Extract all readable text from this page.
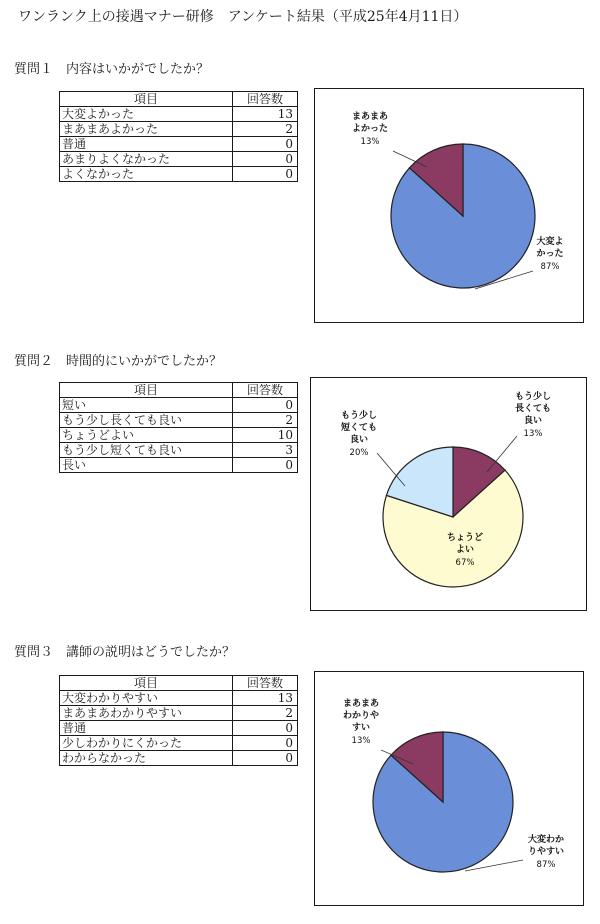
ワンランク上の接遇マナー研修　アンケート結果（平成25年4月11日）
質問１　内容はいかがでしたか？
項目	回答数
大変よかった	13
まあまあよかった	2
普通	0
あまりよくなかった	0
よくなかった	0
大変よかった
87%
まあまあよかった
13%
質問２　時間的にいかがでしたか？
項目	回答数
短い	0
もう少し長くても良い	2
ちょうどよい	10
もう少し短くても良い	3
長い	0
もう少し長くても良い
13%
ちょうどよい
67%
もう少し短くても良い
20%
質問３　講師の説明はどうでしたか？
項目	回答数
大変わかりやすい	13
まあまあわかりやすい	2
普通	0
少しわかりにくかった	0
わからなかった	0
大変わかりやすい
87%
まあまあわかりやすい
13%
